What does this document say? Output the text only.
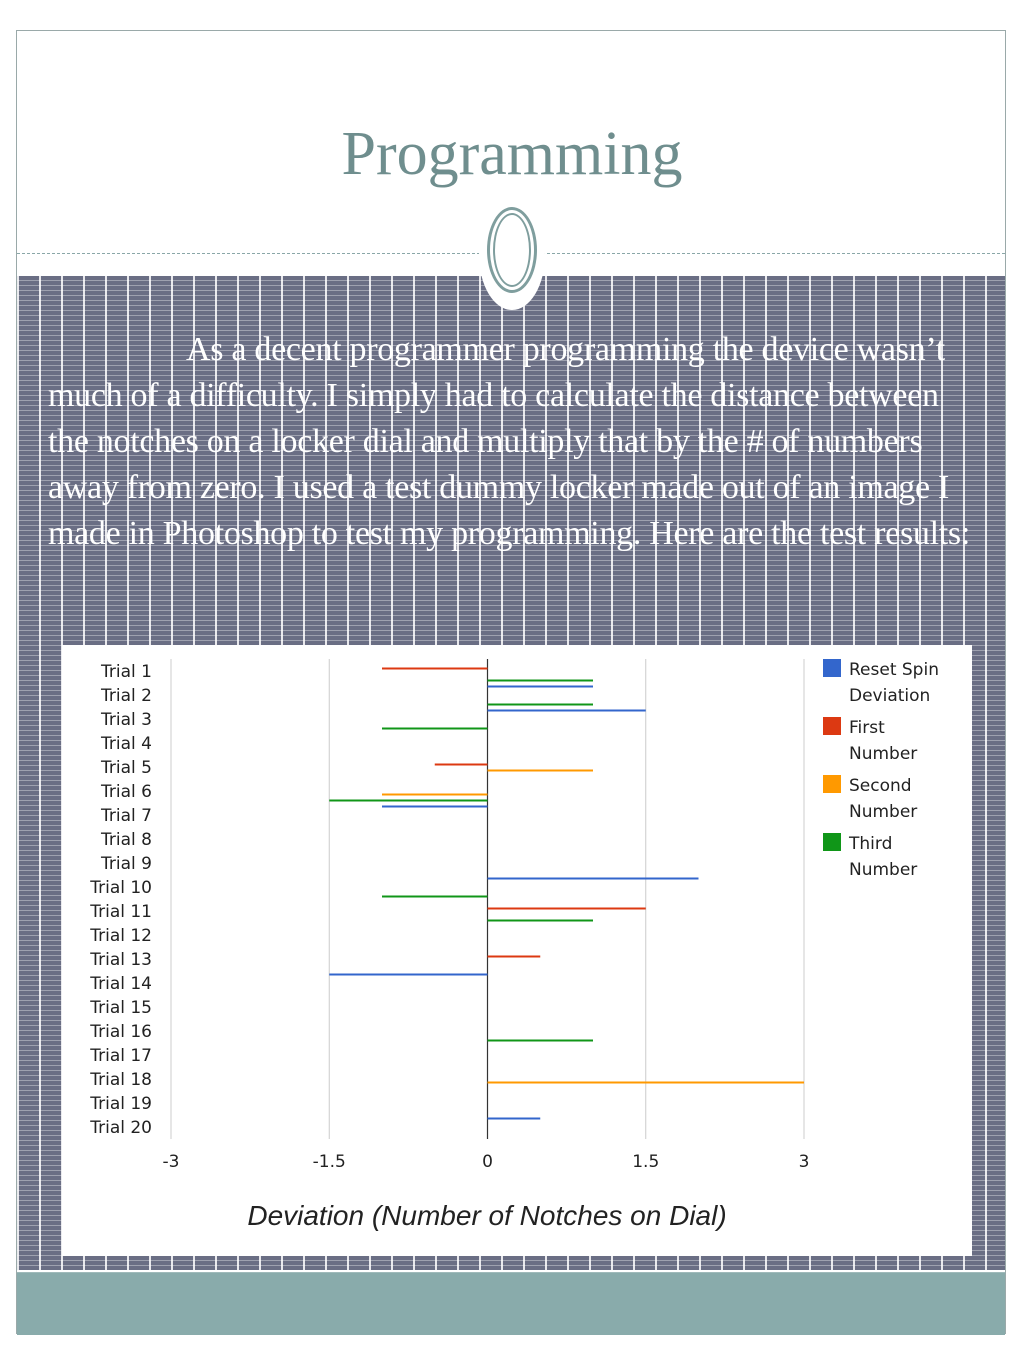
Programming
As a decent programmer programming the device wasn’t much of a difficulty. I simply had to calculate the distance between the notches on a locker dial and multiply that by the # of numbers away from zero. I used a test dummy locker made out of an image I made in Photoshop to test my programming. Here are the test results:
-3	-1.5	0	1.5	3
Trial 1
Trial 2
Trial 3
Trial 4
Trial 5
Trial 6
Trial 7
Trial 8
Trial 9
Trial 10
Trial 11
Trial 12
Trial 13
Trial 14
Trial 15
Trial 16
Trial 17
Trial 18
Trial 19
Trial 20
Deviation (Number of Notches on Dial)
Reset Spin
Deviation
First
Number
Second
Number
Third
Number
